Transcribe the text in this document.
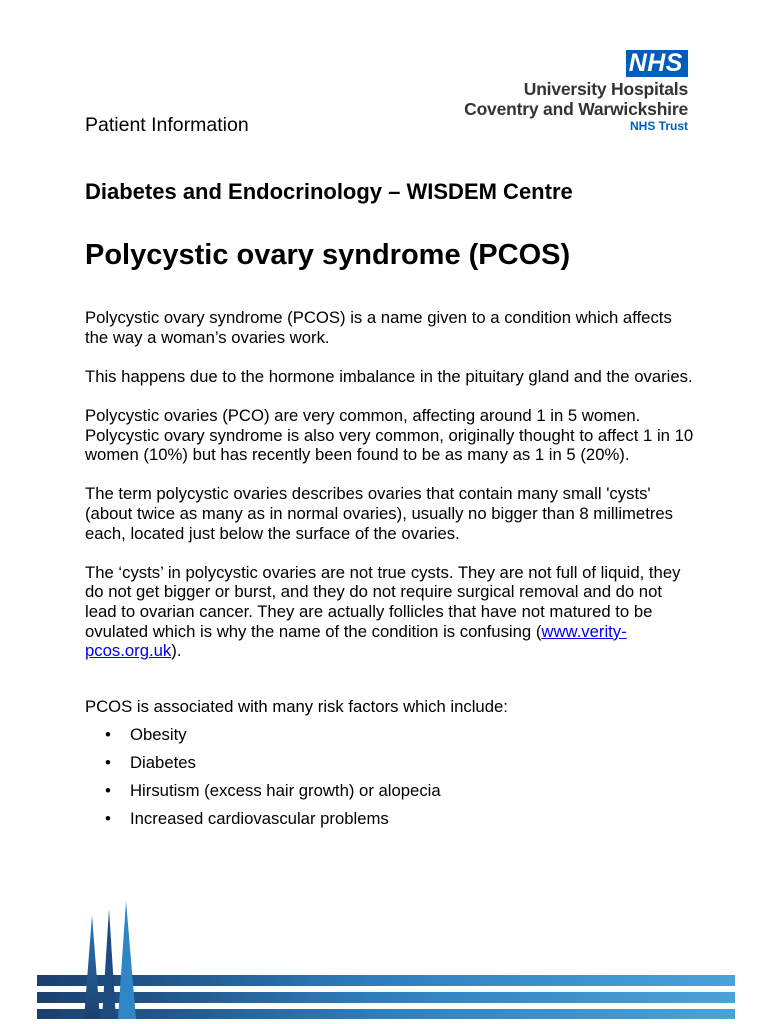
NHS
University Hospitals
Coventry and Warwickshire
NHS Trust
Patient Information
Diabetes and Endocrinology – WISDEM Centre
Polycystic ovary syndrome (PCOS)

Polycystic ovary syndrome (PCOS) is a name given to a condition which affects the way a woman’s ovaries work.

This happens due to the hormone imbalance in the pituitary gland and the ovaries.

Polycystic ovaries (PCO) are very common, affecting around 1 in 5 women. Polycystic ovary syndrome is also very common, originally thought to affect 1 in 10 women (10%) but has recently been found to be as many as 1 in 5 (20%).

The term polycystic ovaries describes ovaries that contain many small 'cysts' (about twice as many as in normal ovaries), usually no bigger than 8 millimetres each, located just below the surface of the ovaries.

The ‘cysts’ in polycystic ovaries are not true cysts. They are not full of liquid, they do not get bigger or burst, and they do not require surgical removal and do not lead to ovarian cancer. They are actually follicles that have not matured to be ovulated which is why the name of the condition is confusing (www.verity-pcos.org.uk).

PCOS is associated with many risk factors which include:

• Obesity
• Diabetes
• Hirsutism (excess hair growth) or alopecia
• Increased cardiovascular problems
